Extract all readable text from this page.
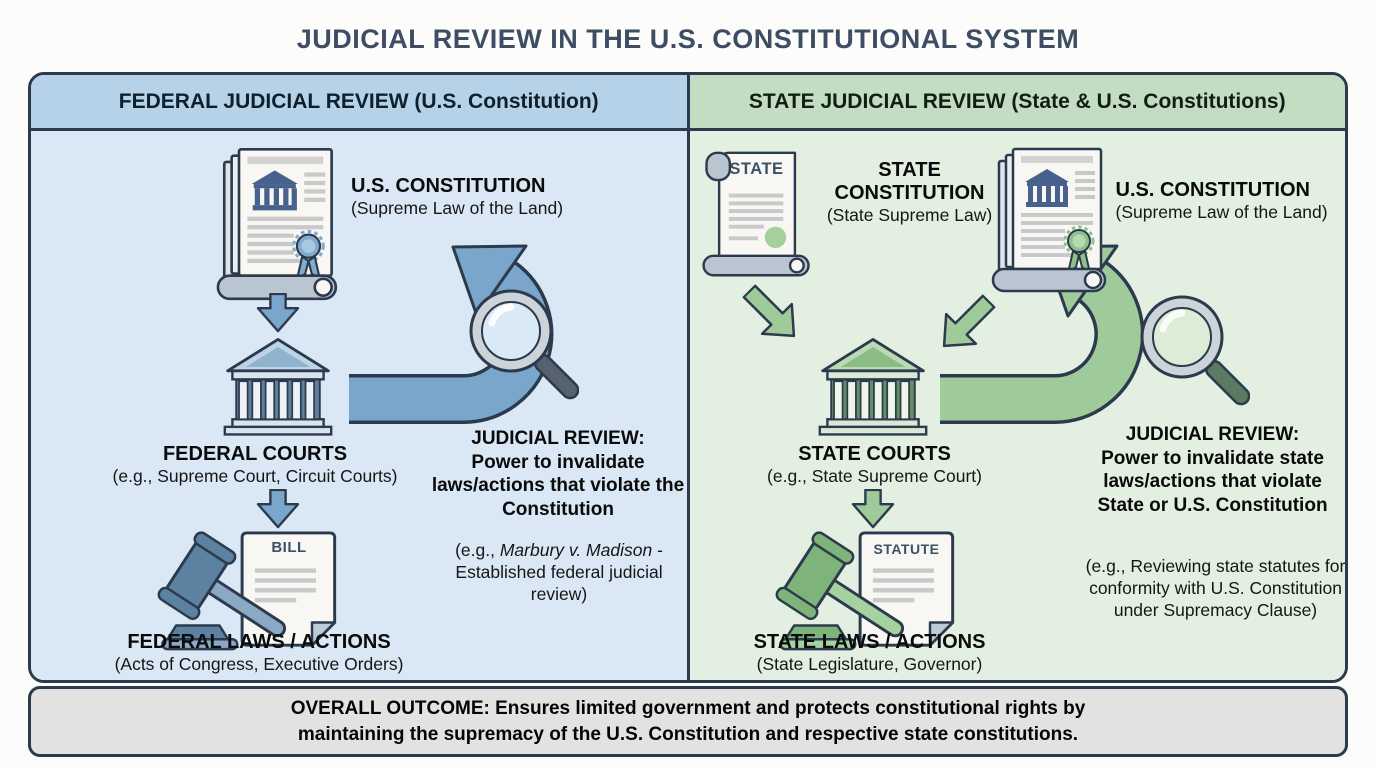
JUDICIAL REVIEW IN THE U.S. CONSTITUTIONAL SYSTEM
FEDERAL JUDICIAL REVIEW (U.S. Constitution)
U.S. CONSTITUTION
(Supreme Law of the Land)
FEDERAL COURTS
(e.g., Supreme Court, Circuit Courts)
BILL
FEDERAL LAWS / ACTIONS
(Acts of Congress, Executive Orders)
JUDICIAL REVIEW:
Power to invalidate laws/actions that violate the Constitution
(e.g., Marbury v. Madison - Established federal judicial review)
STATE JUDICIAL REVIEW (State & U.S. Constitutions)
STATE	STATE CONSTITUTION
(State Supreme Law)
U.S. CONSTITUTION
(Supreme Law of the Land)
STATE COURTS
(e.g., State Supreme Court)
STATUTE
STATE LAWS / ACTIONS
(State Legislature, Governor)
JUDICIAL REVIEW:
Power to invalidate state laws/actions that violate State or U.S. Constitution
(e.g., Reviewing state statutes for conformity with U.S. Constitution under Supremacy Clause)
OVERALL OUTCOME: Ensures limited government and protects constitutional rights by
maintaining the supremacy of the U.S. Constitution and respective state constitutions.
